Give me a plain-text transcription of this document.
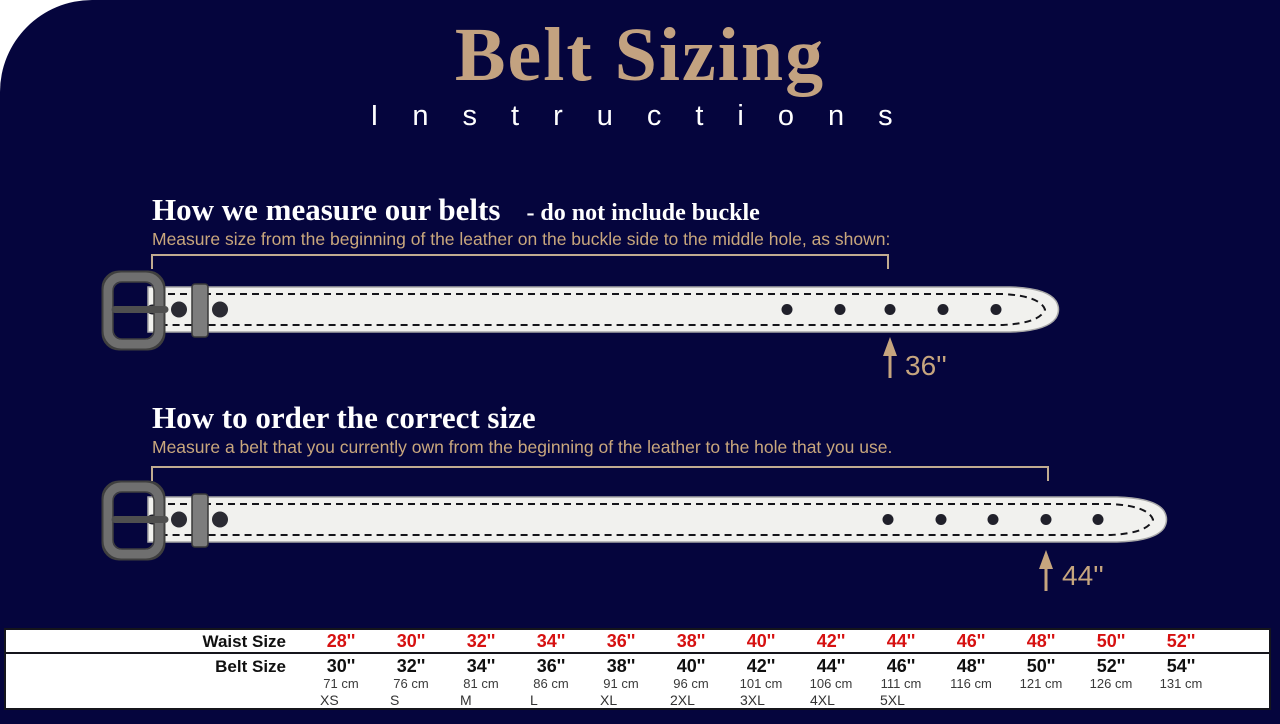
Belt Sizing
Instructions
How we measure our belts - do not include buckle
Measure size from the beginning of the leather on the buckle side to the middle hole, as shown:
36''
How to order the correct size
Measure a belt that you currently own from the beginning of the leather to the hole that you use.
44''
Waist Size
Belt Size
28''
30''
71 cm
XS
30''
32''
76 cm
S
32''
34''
81 cm
M
34''
36''
86 cm
L
36''
38''
91 cm
XL
38''
40''
96 cm
2XL
40''
42''
101 cm
3XL
42''
44''
106 cm
4XL
44''
46''
111 cm
5XL
46''
48''
116 cm
48''
50''
121 cm
50''
52''
126 cm
52''
54''
131 cm
